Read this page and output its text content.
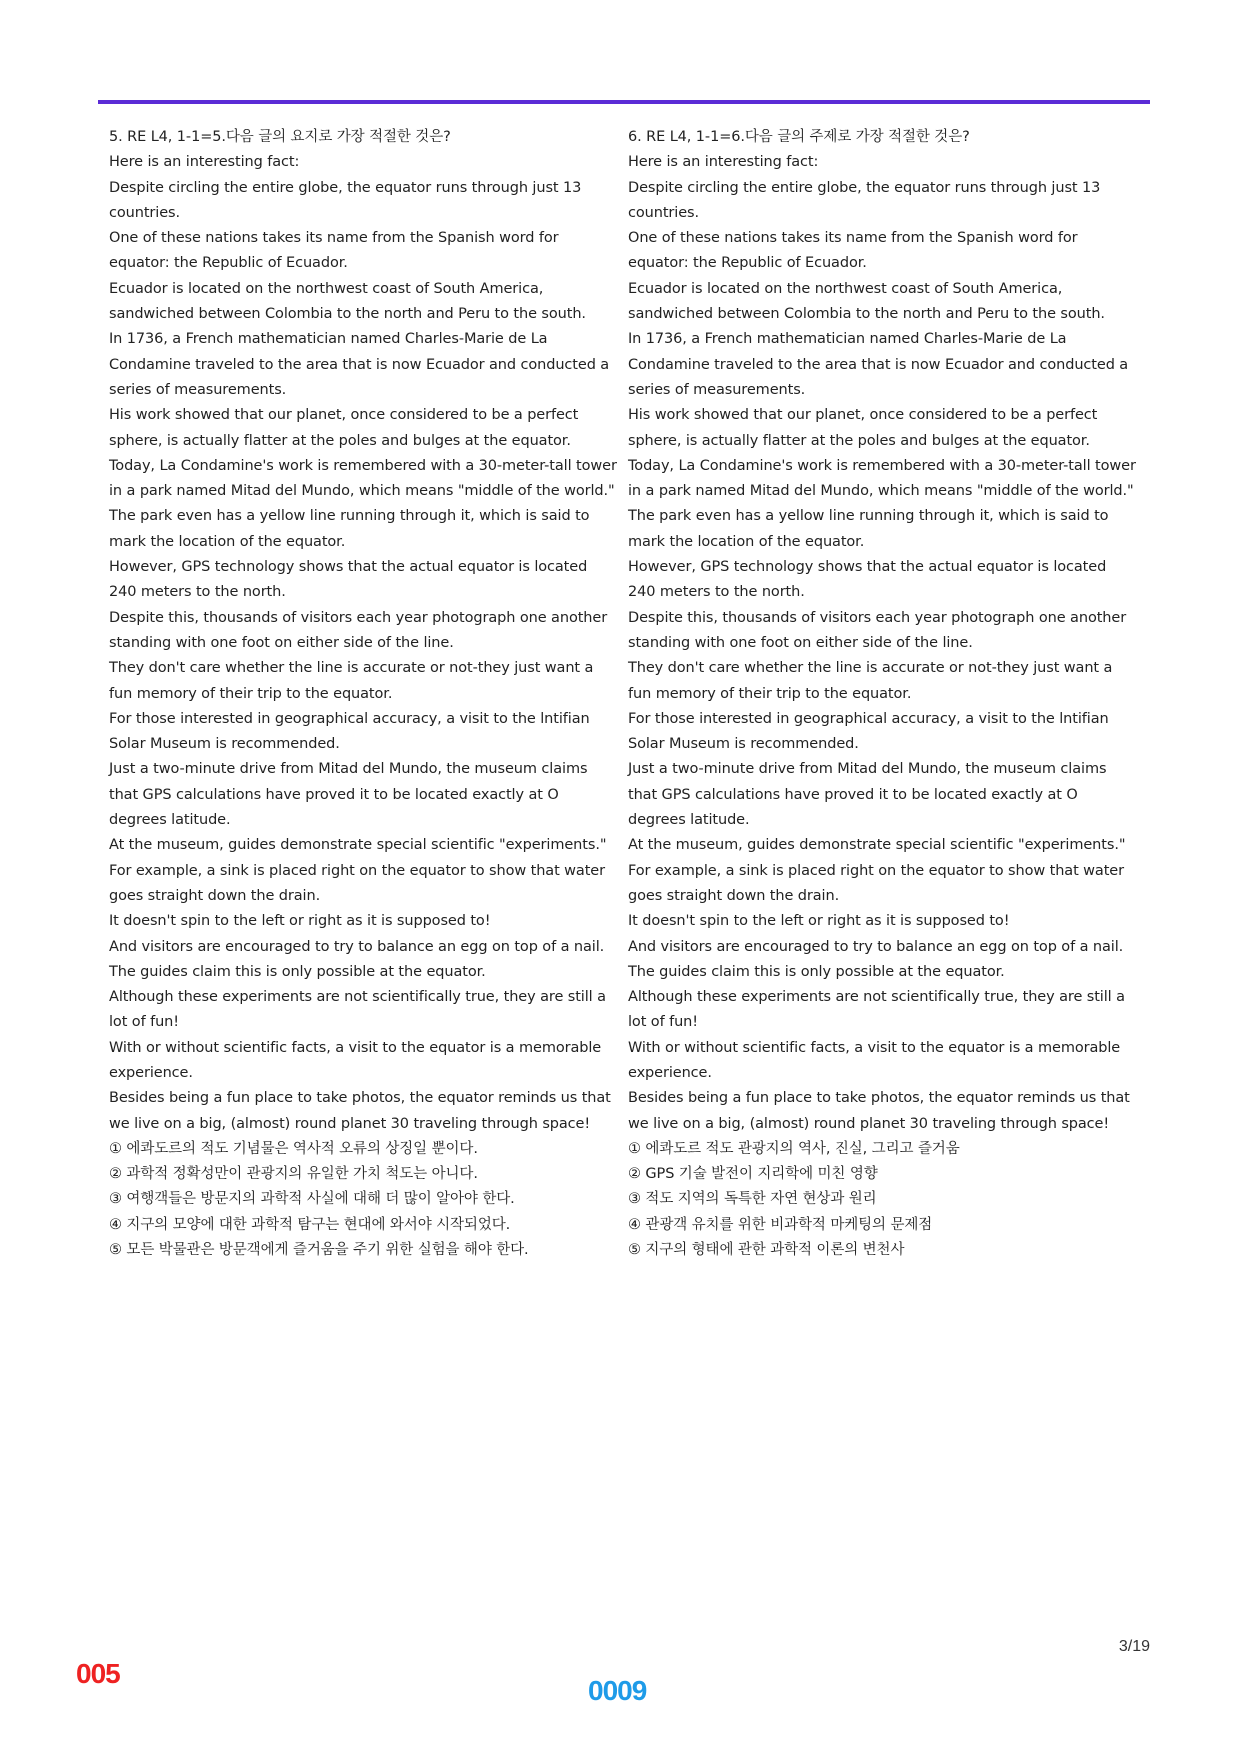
5. RE L4, 1-1=5.다음 글의 요지로 가장 적절한 것은?

Here is an interesting fact:

Despite circling the entire globe, the equator runs through just 13 countries.

One of these nations takes its name from the Spanish word for equator: the Republic of Ecuador.

Ecuador is located on the northwest coast of South America, sandwiched between Colombia to the north and Peru to the south.

In 1736, a French mathematician named Charles-Marie de La Condamine traveled to the area that is now Ecuador and conducted a series of measurements.

His work showed that our planet, once considered to be a perfect sphere, is actually flatter at the poles and bulges at the equator.

Today, La Condamine's work is remembered with a 30-meter-tall tower in a park named Mitad del Mundo, which means "middle of the world."

The park even has a yellow line running through it, which is said to mark the location of the equator.

However, GPS technology shows that the actual equator is located 240 meters to the north.

Despite this, thousands of visitors each year photograph one another standing with one foot on either side of the line.

They don't care whether the line is accurate or not-they just want a fun memory of their trip to the equator.

For those interested in geographical accuracy, a visit to the lntifian Solar Museum is recommended.

Just a two-minute drive from Mitad del Mundo, the museum claims that GPS calculations have proved it to be located exactly at O degrees latitude.

At the museum, guides demonstrate special scientific "experiments."

For example, a sink is placed right on the equator to show that water goes straight down the drain.

It doesn't spin to the left or right as it is supposed to!

And visitors are encouraged to try to balance an egg on top of a nail.

The guides claim this is only possible at the equator.

Although these experiments are not scientifically true, they are still a lot of fun!

With or without scientific facts, a visit to the equator is a memorable experience.

Besides being a fun place to take photos, the equator reminds us that we live on a big, (almost) round planet 30 traveling through space!

① 에콰도르의 적도 기념물은 역사적 오류의 상징일 뿐이다.

② 과학적 정확성만이 관광지의 유일한 가치 척도는 아니다.

③ 여행객들은 방문지의 과학적 사실에 대해 더 많이 알아야 한다.

④ 지구의 모양에 대한 과학적 탐구는 현대에 와서야 시작되었다.

⑤ 모든 박물관은 방문객에게 즐거움을 주기 위한 실험을 해야 한다.

6. RE L4, 1-1=6.다음 글의 주제로 가장 적절한 것은?

Here is an interesting fact:

Despite circling the entire globe, the equator runs through just 13 countries.

One of these nations takes its name from the Spanish word for equator: the Republic of Ecuador.

Ecuador is located on the northwest coast of South America, sandwiched between Colombia to the north and Peru to the south.

In 1736, a French mathematician named Charles-Marie de La Condamine traveled to the area that is now Ecuador and conducted a series of measurements.

His work showed that our planet, once considered to be a perfect sphere, is actually flatter at the poles and bulges at the equator.

Today, La Condamine's work is remembered with a 30-meter-tall tower in a park named Mitad del Mundo, which means "middle of the world."

The park even has a yellow line running through it, which is said to mark the location of the equator.

However, GPS technology shows that the actual equator is located 240 meters to the north.

Despite this, thousands of visitors each year photograph one another standing with one foot on either side of the line.

They don't care whether the line is accurate or not-they just want a fun memory of their trip to the equator.

For those interested in geographical accuracy, a visit to the lntifian Solar Museum is recommended.

Just a two-minute drive from Mitad del Mundo, the museum claims that GPS calculations have proved it to be located exactly at O degrees latitude.

At the museum, guides demonstrate special scientific "experiments."

For example, a sink is placed right on the equator to show that water goes straight down the drain.

It doesn't spin to the left or right as it is supposed to!

And visitors are encouraged to try to balance an egg on top of a nail.

The guides claim this is only possible at the equator.

Although these experiments are not scientifically true, they are still a lot of fun!

With or without scientific facts, a visit to the equator is a memorable experience.

Besides being a fun place to take photos, the equator reminds us that we live on a big, (almost) round planet 30 traveling through space!

① 에콰도르 적도 관광지의 역사, 진실, 그리고 즐거움

② GPS 기술 발전이 지리학에 미친 영향

③ 적도 지역의 독특한 자연 현상과 원리

④ 관광객 유치를 위한 비과학적 마케팅의 문제점

⑤ 지구의 형태에 관한 과학적 이론의 변천사

3/19
005
0009
